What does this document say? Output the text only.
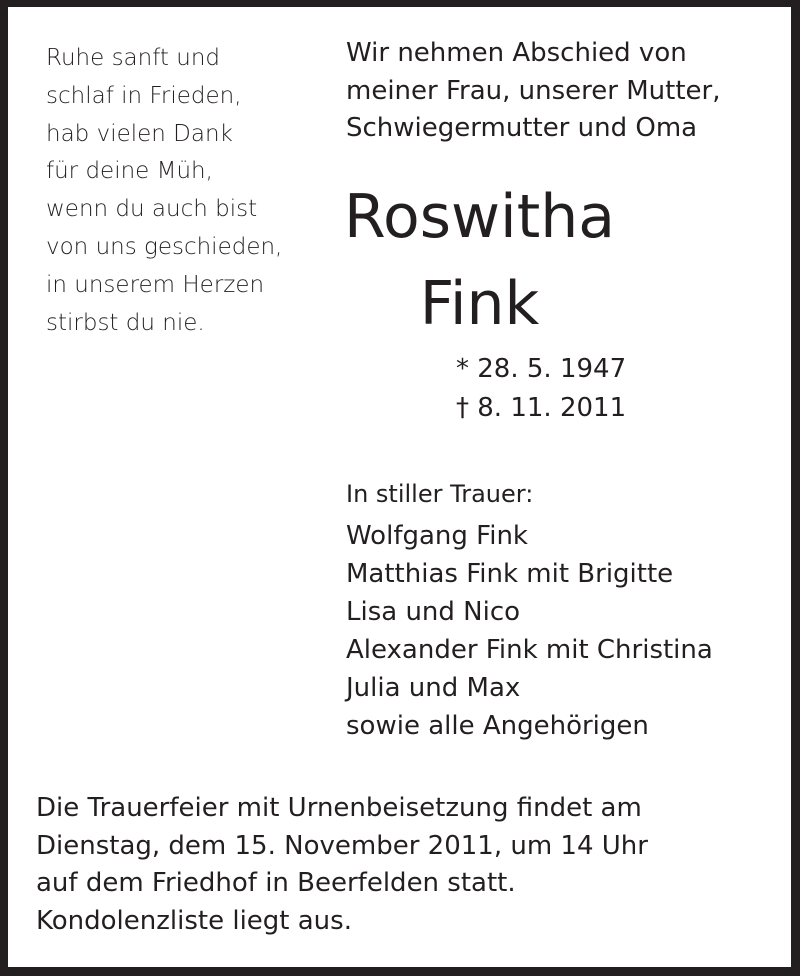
Ruhe sanft und
schlaf in Frieden,
hab vielen Dank
für deine Müh,
wenn du auch bist
von uns geschieden,
in unserem Herzen
stirbst du nie.
Wir nehmen Abschied von
meiner Frau, unserer Mutter,
Schwiegermutter und Oma
Roswitha
Fink
* 28. 5. 1947
† 8. 11. 2011
In stiller Trauer:
Wolfgang Fink
Matthias Fink mit Brigitte
Lisa und Nico
Alexander Fink mit Christina
Julia und Max
sowie alle Angehörigen
Die Trauerfeier mit Urnenbeisetzung findet am
Dienstag, dem 15. November 2011, um 14 Uhr
auf dem Friedhof in Beerfelden statt.
Kondolenzliste liegt aus.
